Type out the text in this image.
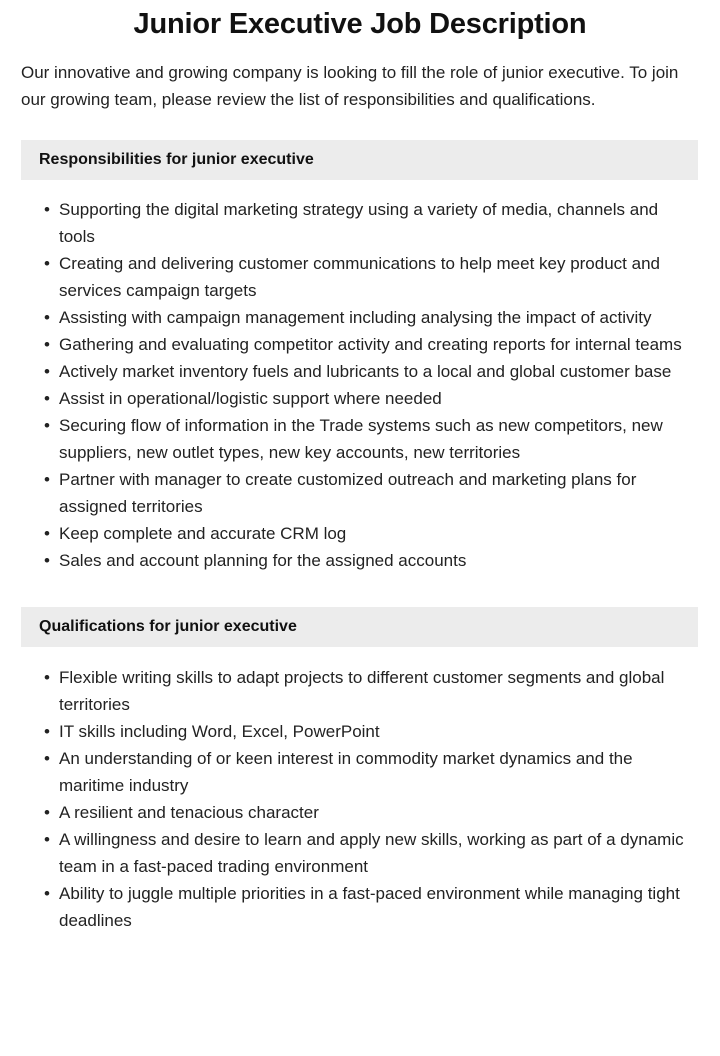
Junior Executive Job Description

Our innovative and growing company is looking to fill the role of junior executive. To join our growing team, please review the list of responsibilities and qualifications.

Responsibilities for junior executive
• Supporting the digital marketing strategy using a variety of media, channels and tools
• Creating and delivering customer communications to help meet key product and services campaign targets
• Assisting with campaign management including analysing the impact of activity
• Gathering and evaluating competitor activity and creating reports for internal teams
• Actively market inventory fuels and lubricants to a local and global customer base
• Assist in operational/logistic support where needed
• Securing flow of information in the Trade systems such as new competitors, new suppliers, new outlet types, new key accounts, new territories
• Partner with manager to create customized outreach and marketing plans for assigned territories
• Keep complete and accurate CRM log
• Sales and account planning for the assigned accounts
Qualifications for junior executive
• Flexible writing skills to adapt projects to different customer segments and global territories
• IT skills including Word, Excel, PowerPoint
• An understanding of or keen interest in commodity market dynamics and the maritime industry
• A resilient and tenacious character
• A willingness and desire to learn and apply new skills, working as part of a dynamic team in a fast-paced trading environment
• Ability to juggle multiple priorities in a fast-paced environment while managing tight deadlines
